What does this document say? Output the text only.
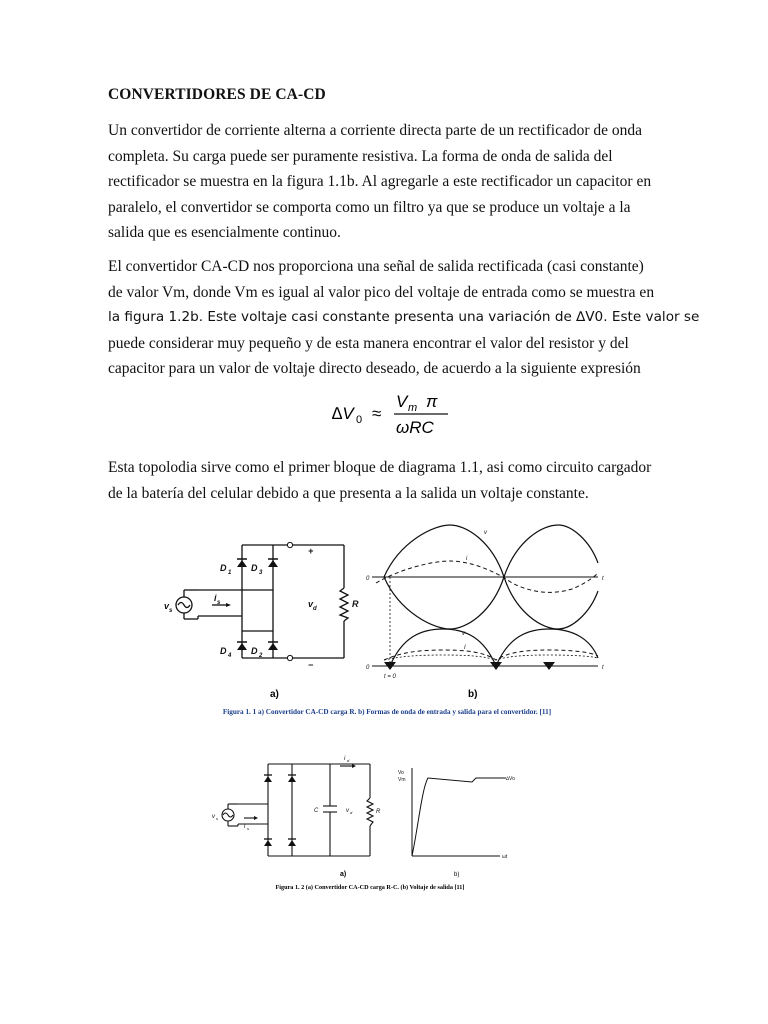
CONVERTIDORES DE CA-CD

Un convertidor de corriente alterna a corriente directa parte de un rectificador de onda
completa. Su carga puede ser puramente resistiva. La forma de onda de salida del
rectificador se muestra en la figura 1.1b. Al agregarle a este rectificador un capacitor en
paralelo, el convertidor se comporta como un filtro ya que se produce un voltaje a la
salida que es esencialmente continuo.

El convertidor CA-CD nos proporciona una señal de salida rectificada (casi constante)
de valor Vm, donde Vm es igual al valor pico del voltaje de entrada como se muestra en
la figura 1.2b. Este voltaje casi constante presenta una variación de ∆V0. Este valor se
puede considerar muy pequeño y de esta manera encontrar el valor del resistor y del
capacitor para un valor de voltaje directo deseado, de acuerdo a la siguiente expresión

∆V 0 ≈
V m π
ωRC

Esta topolodia sirve como el primer bloque de diagrama 1.1, asi como circuito cargador
de la batería del celular debido a que presenta a la salida un voltaje constante.

D 1 D 3
D 4 D 2
v s
i s	v d	R
+
−
a)
v
i
v
I
0
0
t
t
t = 0
b)
Figura 1. 1 a) Convertidor CA-CD carga R. b) Formas de onda de entrada y salida para el convertidor. [11]
v s
i s
i d
C	v d	R
a)
Vo
Vm	∆Vo
ωt
b)
Figura 1. 2 (a) Convertidor CA-CD carga R-C. (b) Voltaje de salida [11]
